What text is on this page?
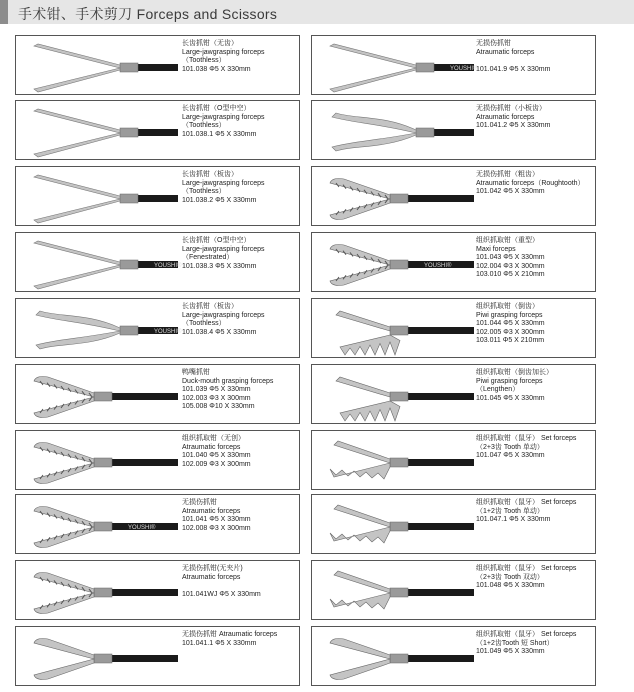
手术钳、手术剪刀 Forceps and Scissors
长齿抓钳（无齿）
Large-jawgrasping forceps
（Toothless）
101.038 Φ5 X 330mm
长齿抓钳（O型中空）
Large-jawgrasping forceps
（Toothless）
101.038.1 Φ5 X 330mm
长齿抓钳（板齿）
Large-jawgrasping forceps
（Toothless）
101.038.2 Φ5 X 330mm
YOUSHI®
长齿抓钳（O型中空）
Large-jawgrasping forceps
（Fenestrated）
101.038.3 Φ5 X 330mm
YOUSHI®
长齿抓钳（板齿）
Large-jawgrasping forceps
（Toothless）
101.038.4 Φ5 X 330mm
鸭嘴抓钳
Duck-mouth grasping forceps
101.039 Φ5 X 330mm
102.003 Φ3 X 300mm
105.008 Φ10 X 330mm
组织抓取钳（无创）
Atraumatic forceps
101.040 Φ5 X 330mm
102.009 Φ3 X 300mm
YOUSHI®
无损伤抓钳
Atraumatic forceps
101.041 Φ5 X 330mm
102.008 Φ3 X 300mm
无损伤抓钳(无夹片)
Atraumatic forceps

101.041WJ Φ5 X 330mm
无损伤抓钳 Atraumatic forceps
101.041.1 Φ5 X 330mm
YOUSHI®
无损伤抓钳
Atraumatic forceps

101.041.9 Φ5 X 330mm
无损伤抓钳（小板齿）
Atraumatic forceps
101.041.2 Φ5 X 330mm
无损伤抓钳（粗齿）
Atraumatic forceps（Roughtooth）
101.042 Φ5 X 330mm
YOUSHI®
组织抓取钳（重型）
Maxi forceps
101.043 Φ5 X 330mm
102.004 Φ3 X 300mm
103.010 Φ5 X 210mm
组织抓取钳（倒齿）
Piwi grasping forceps
101.044 Φ5 X 330mm
102.005 Φ3 X 300mm
103.011 Φ5 X 210mm
组织抓取钳（倒齿加长）
Piwi grasping forceps
（Lengthen）
101.045 Φ5 X 330mm
组织抓取钳（鼠牙） Set forceps
（2+3齿 Tooth 单动）
101.047 Φ5 X 330mm
组织抓取钳（鼠牙） Set forceps
（1+2齿 Tooth 单动）
101.047.1 Φ5 X 330mm
组织抓取钳（鼠牙） Set forceps
（2+3齿 Tooth 双动）
101.048 Φ5 X 330mm
组织抓取钳（鼠牙） Set forceps
（1+2齿Tooth 短 Short）
101.049 Φ5 X 330mm
